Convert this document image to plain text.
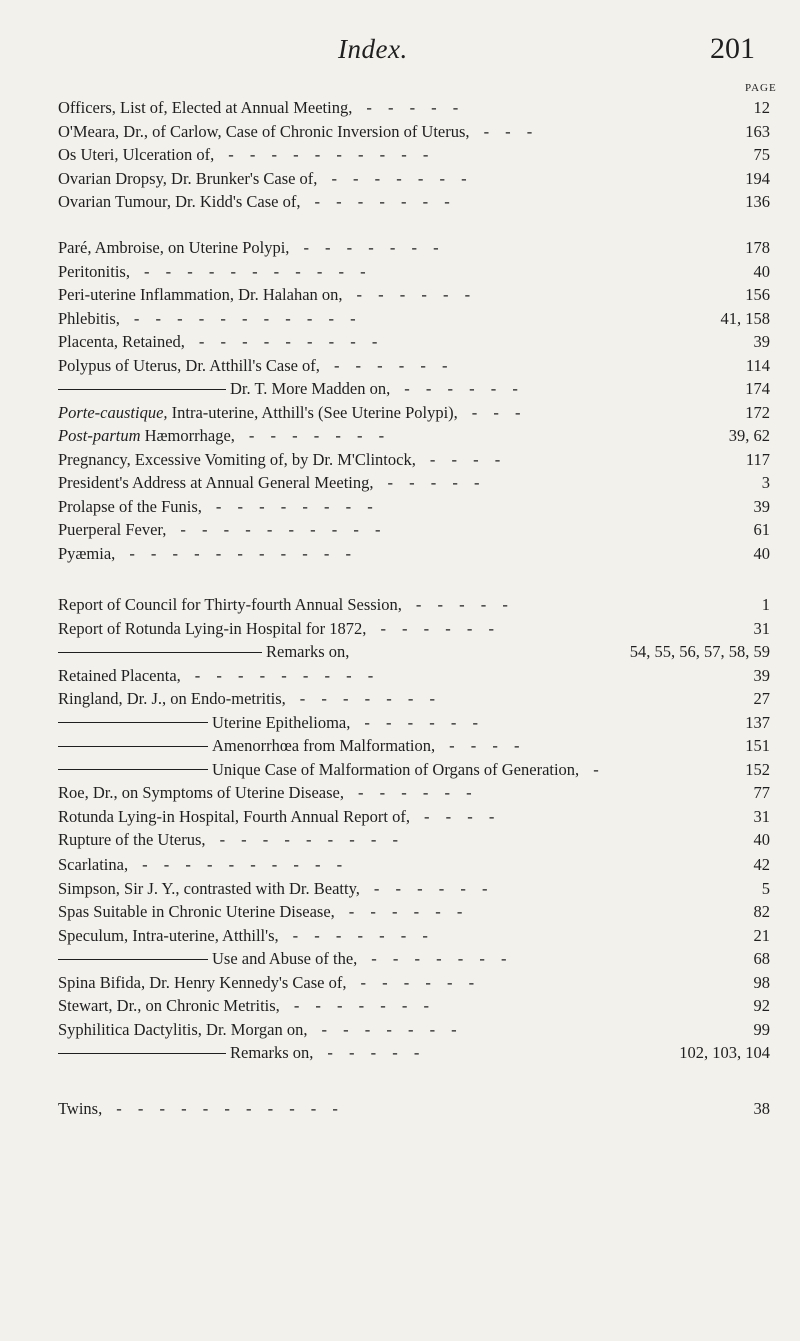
Index.	201
PAGE
Officers, List of, Elected at Annual Meeting, - - - - -	12
O'Meara, Dr., of Carlow, Case of Chronic Inversion of Uterus, - - -	163
Os Uteri, Ulceration of, - - - - - - - - - -	75
Ovarian Dropsy, Dr. Brunker's Case of, - - - - - - -	194
Ovarian Tumour, Dr. Kidd's Case of, - - - - - - -	136
Paré, Ambroise, on Uterine Polypi, - - - - - - -	178
Peritonitis, - - - - - - - - - - -	40
Peri-uterine Inflammation, Dr. Halahan on, - - - - - -	156
Phlebitis, - - - - - - - - - - -	41, 158
Placenta, Retained, - - - - - - - - -	39
Polypus of Uterus, Dr. Atthill's Case of, - - - - - -	114
Dr. T. More Madden on, - - - - - -	174
Porte-caustique, Intra-uterine, Atthill's (See Uterine Polypi), - - -	172
Post-partum Hæmorrhage, - - - - - - -	39, 62
Pregnancy, Excessive Vomiting of, by Dr. M'Clintock, - - - -	117
President's Address at Annual General Meeting, - - - - -	3
Prolapse of the Funis, - - - - - - - -	39
Puerperal Fever, - - - - - - - - - -	61
Pyæmia, - - - - - - - - - - -	40
Report of Council for Thirty-fourth Annual Session, - - - - -	1
Report of Rotunda Lying-in Hospital for 1872, - - - - - -	31
Remarks on,	54, 55, 56, 57, 58, 59
Retained Placenta, - - - - - - - - -	39
Ringland, Dr. J., on Endo-metritis, - - - - - - -	27
Uterine Epithelioma, - - - - - -	137
Amenorrhœa from Malformation, - - - -	151
Unique Case of Malformation of Organs of Generation, -	152
Roe, Dr., on Symptoms of Uterine Disease, - - - - - -	77
Rotunda Lying-in Hospital, Fourth Annual Report of, - - - -	31
Rupture of the Uterus, - - - - - - - - -	40
Scarlatina, - - - - - - - - - -	42
Simpson, Sir J. Y., contrasted with Dr. Beatty, - - - - - -	5
Spas Suitable in Chronic Uterine Disease, - - - - - -	82
Speculum, Intra-uterine, Atthill's, - - - - - - -	21
Use and Abuse of the, - - - - - - -	68
Spina Bifida, Dr. Henry Kennedy's Case of, - - - - - -	98
Stewart, Dr., on Chronic Metritis, - - - - - - -	92
Syphilitica Dactylitis, Dr. Morgan on, - - - - - - -	99
Remarks on, - - - - -	102, 103, 104
Twins, - - - - - - - - - - -	38
